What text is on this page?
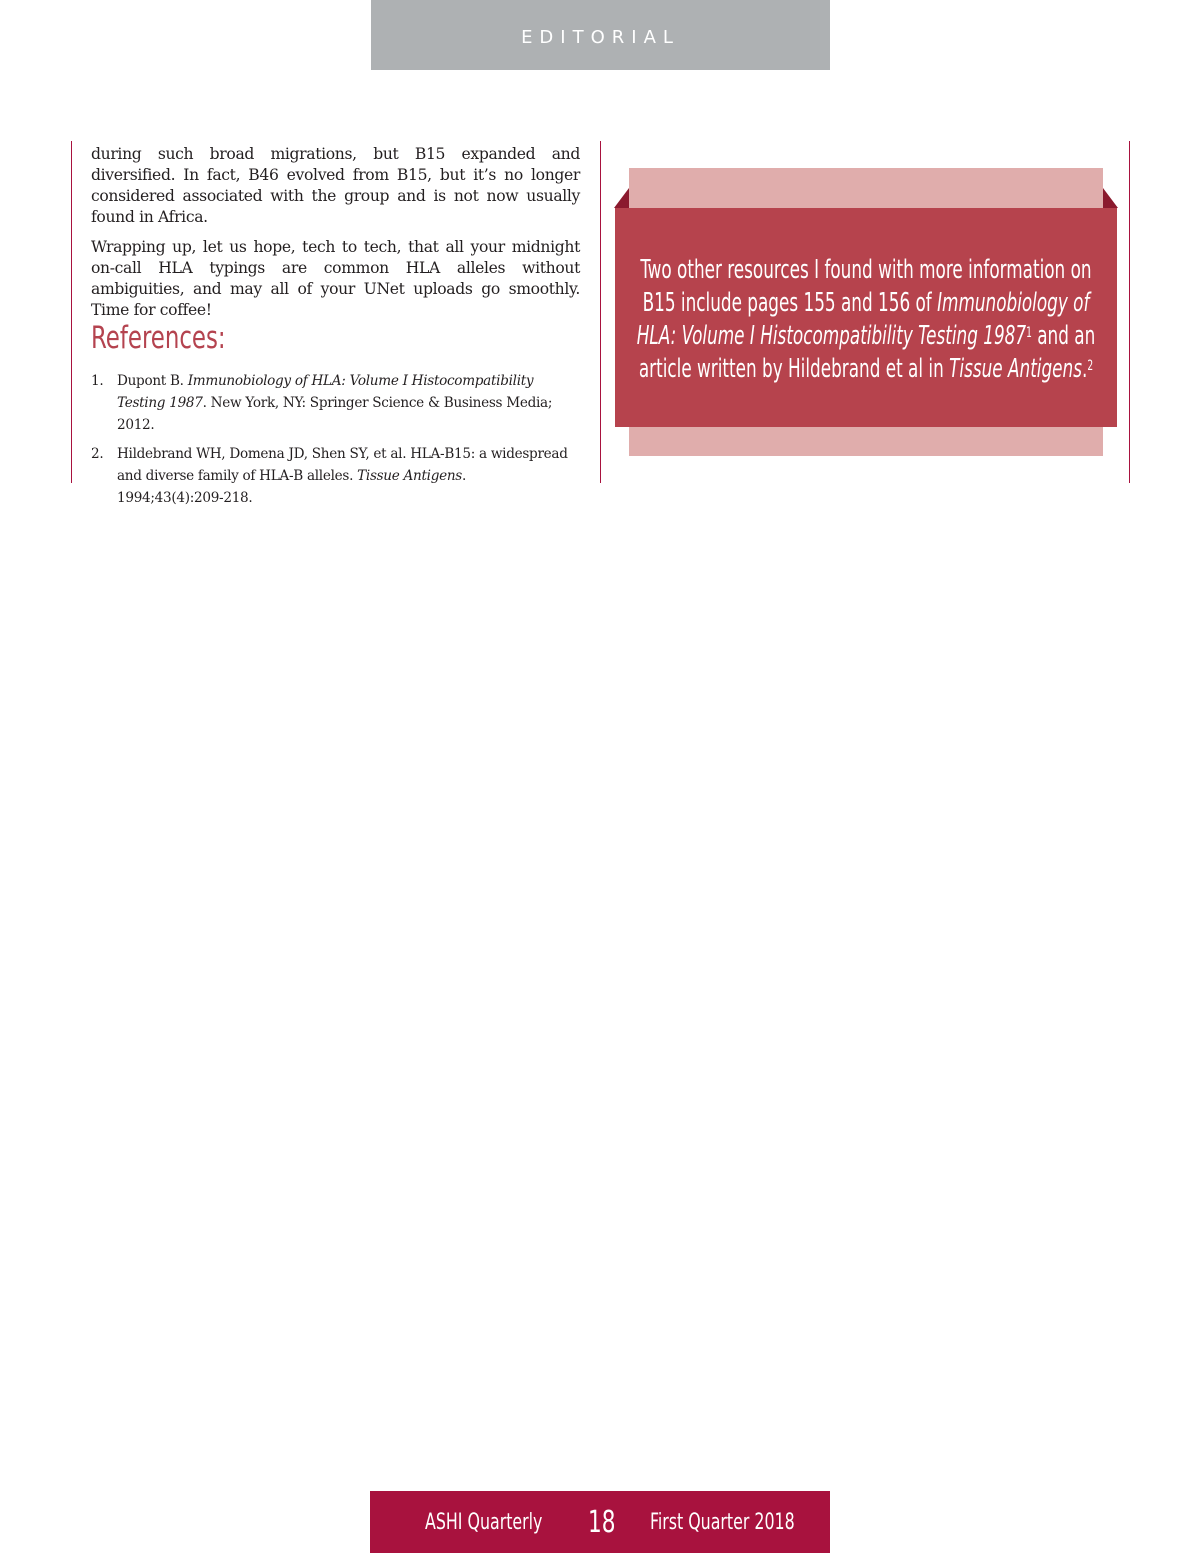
EDITORIAL

during such broad migrations, but B15 expanded and diversified. In fact, B46 evolved from B15, but it’s no longer considered associated with the group and is not now usually found in Africa.

Wrapping up, let us hope, tech to tech, that all your midnight on-call HLA typings are common HLA alleles without ambiguities, and may all of your UNet uploads go smoothly. Time for coffee!

References:
1. Dupont B. Immunobiology of HLA: Volume I Histocompatibility Testing 1987. New York, NY: Springer Science & Business Media; 2012.
2. Hildebrand WH, Domena JD, Shen SY, et al. HLA-B15: a widespread and diverse family of HLA-B alleles. Tissue Antigens. 1994;43(4):209-218.

Two other resources I found with more information on B15 include pages 155 and 156 of Immunobiology of HLA: Volume I Histocompatibility Testing 1987$^1$ and an article written by Hildebrand et al in Tissue Antigens.$^2$

ASHI Quarterly 18 First Quarter 2018
